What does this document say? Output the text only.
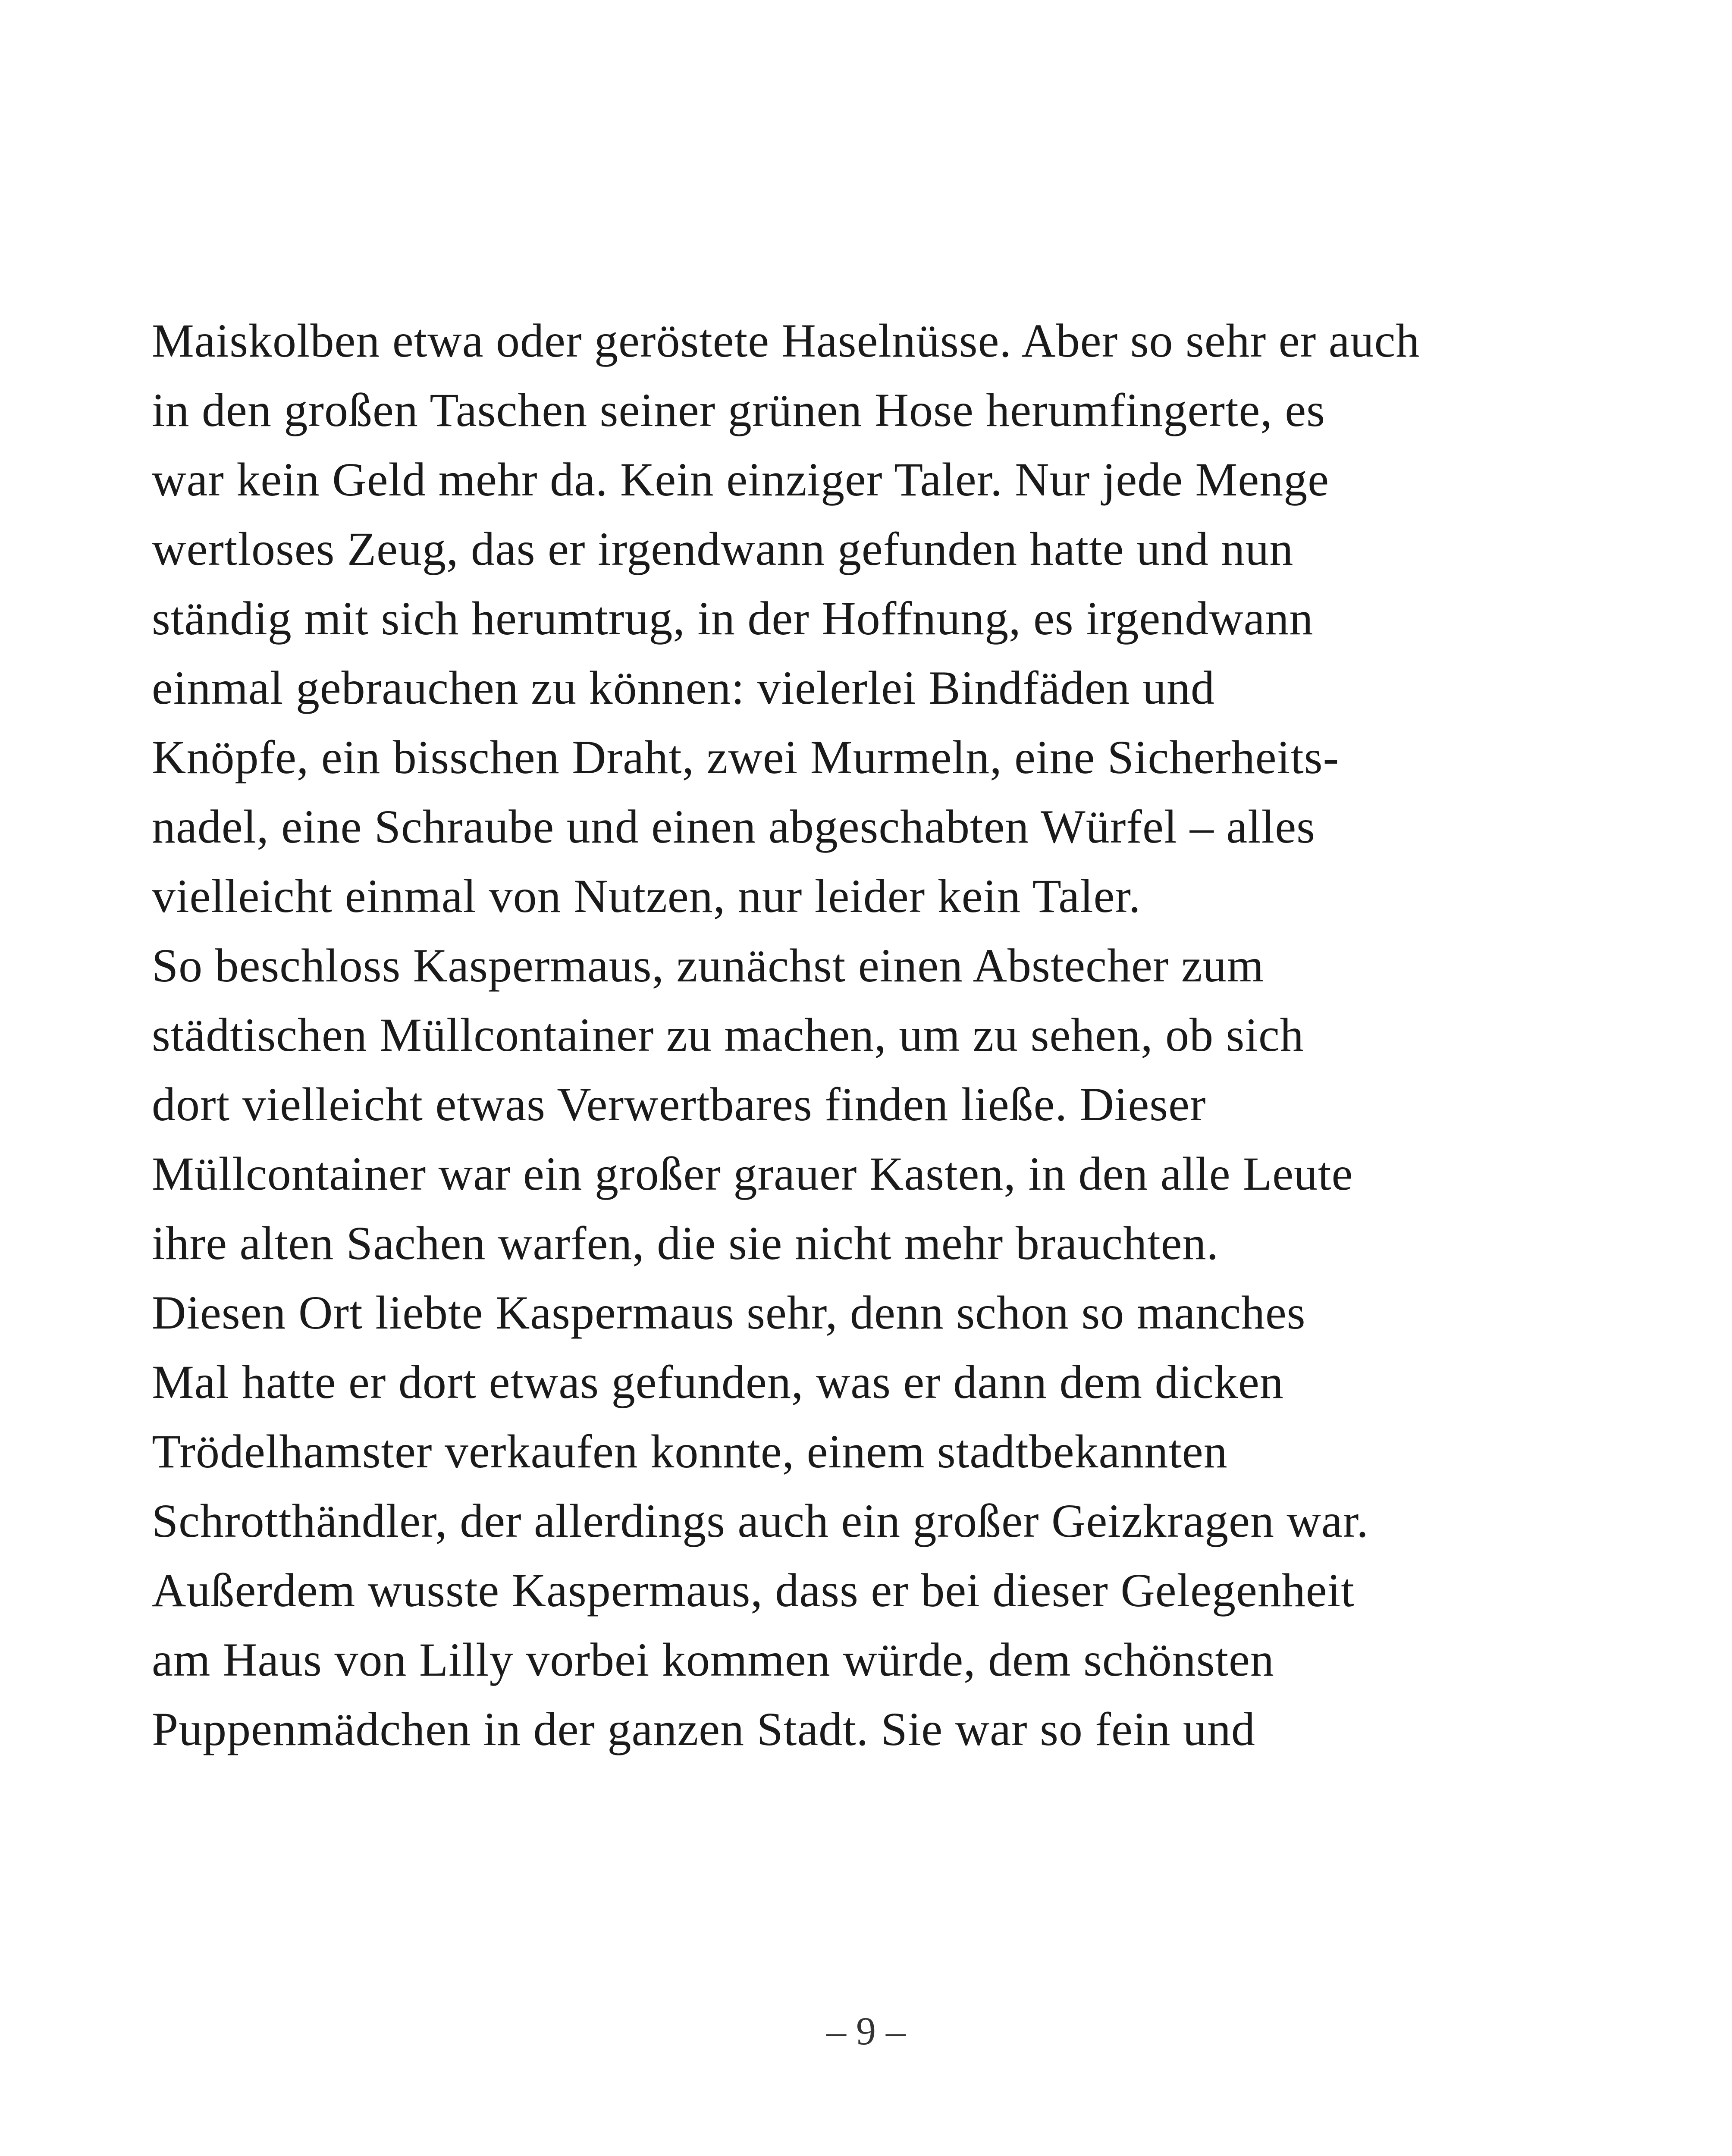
Maiskolben etwa oder geröstete Haselnüsse. Aber so sehr er auch
in den großen Taschen seiner grünen Hose herumfingerte, es
war kein Geld mehr da. Kein einziger Taler. Nur jede Menge
wertloses Zeug, das er irgendwann gefunden hatte und nun
ständig mit sich herumtrug, in der Hoffnung, es irgendwann
einmal gebrauchen zu können: vielerlei Bindfäden und
Knöpfe, ein bisschen Draht, zwei Murmeln, eine Sicherheits-
nadel, eine Schraube und einen abgeschabten Würfel – alles
vielleicht einmal von Nutzen, nur leider kein Taler.
So beschloss Kaspermaus, zunächst einen Abstecher zum
städtischen Müllcontainer zu machen, um zu sehen, ob sich
dort vielleicht etwas Verwertbares finden ließe. Dieser
Müllcontainer war ein großer grauer Kasten, in den alle Leute
ihre alten Sachen warfen, die sie nicht mehr brauchten.
Diesen Ort liebte Kaspermaus sehr, denn schon so manches
Mal hatte er dort etwas gefunden, was er dann dem dicken
Trödelhamster verkaufen konnte, einem stadtbekannten
Schrotthändler, der allerdings auch ein großer Geizkragen war.
Außerdem wusste Kaspermaus, dass er bei dieser Gelegenheit
am Haus von Lilly vorbei kommen würde, dem schönsten
Puppenmädchen in der ganzen Stadt. Sie war so fein und
– 9 –
